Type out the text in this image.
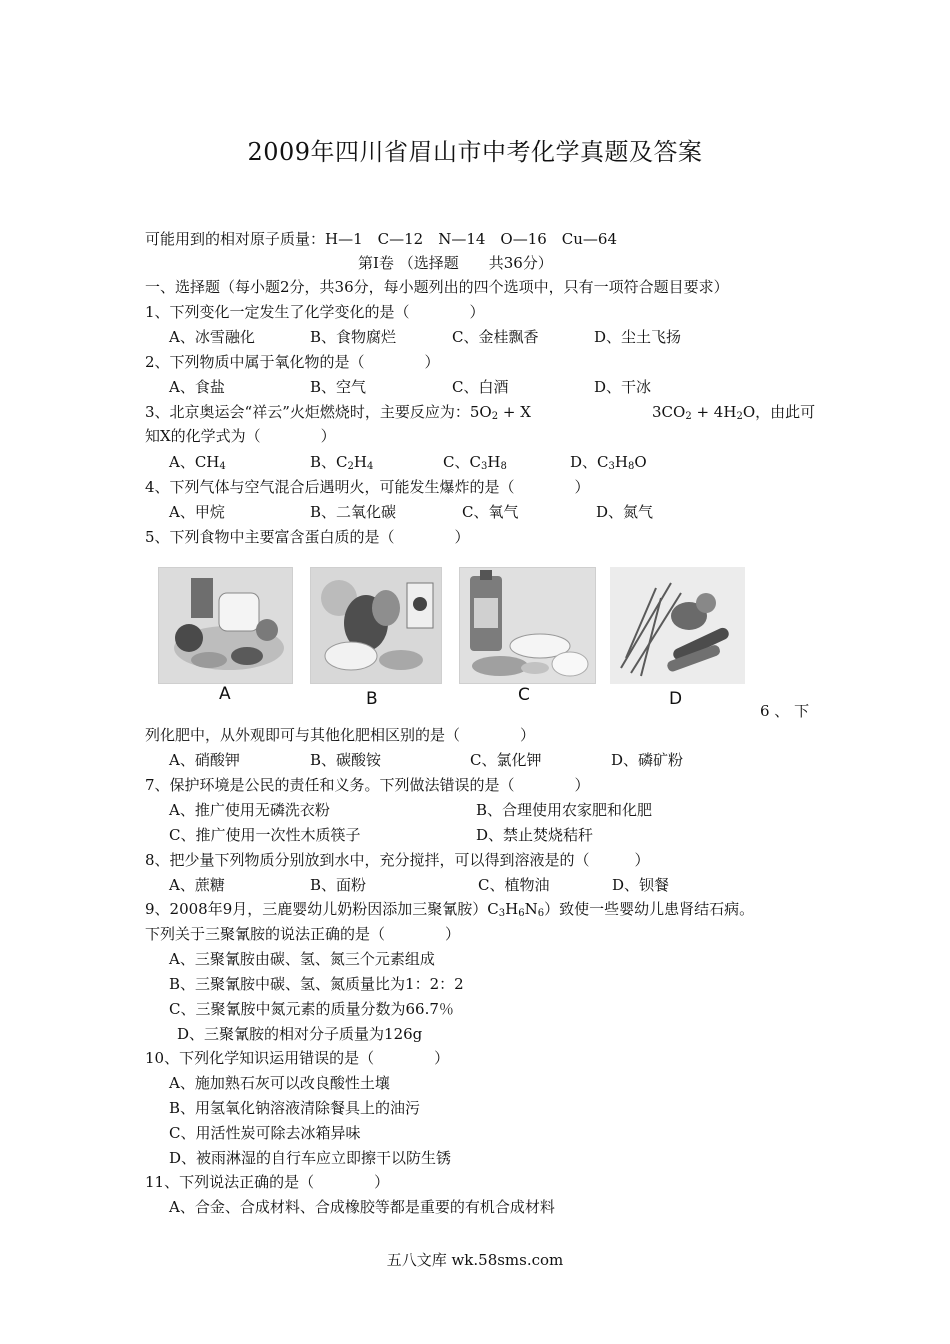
2009年四川省眉山市中考化学真题及答案
可能用到的相对原子质量：H—1　C—12　N—14　O—16　Cu—64
第Ⅰ卷 （选择题　　共36分）
一、选择题（每小题2分，共36分，每小题列出的四个选项中，只有一项符合题目要求）
1、下列变化一定发生了化学变化的是（　　　　）
A、冰雪融化	B、食物腐烂	C、金桂飘香	D、尘土飞扬
2、下列物质中属于氧化物的是（　　　　）
A、食盐	B、空气	C、白酒	D、干冰
3、北京奥运会“祥云”火炬燃烧时，主要反应为：$5O_2 + X$	$3CO_2 + 4H_2O$，由此可
知X的化学式为（　　　　）
A、$CH_4$	B、$C_2H_4$	C、$C_3H_8$	D、$C_3H_8O$
4、下列气体与空气混合后遇明火，可能发生爆炸的是（　　　　）
A、甲烷	B、二氧化碳	C、氧气	D、氮气
5、下列食物中主要富含蛋白质的是（　　　　）
A	B	C	D
6 、 下
列化肥中，从外观即可与其他化肥相区别的是（　　　　）
A、硝酸钾	B、碳酸铵	C、氯化钾	D、磷矿粉
7、保护环境是公民的责任和义务。下列做法错误的是（　　　　）
A、推广使用无磷洗衣粉	B、合理使用农家肥和化肥
C、推广使用一次性木质筷子	D、禁止焚烧秸秆
8、把少量下列物质分别放到水中，充分搅拌，可以得到溶液是的（　　　）
A、蔗糖	B、面粉	C、植物油	D、钡餐
9、2008年9月，三鹿婴幼儿奶粉因添加三聚氰胺）$C_3H_6N_6$）致使一些婴幼儿患肾结石病。
下列关于三聚氰胺的说法正确的是（　　　　）
A、三聚氰胺由碳、氢、氮三个元素组成
B、三聚氰胺中碳、氢、氮质量比为1：2：2
C、三聚氰胺中氮元素的质量分数为66.7％
D、三聚氰胺的相对分子质量为126g
10、下列化学知识运用错误的是（　　　　）
A、施加熟石灰可以改良酸性土壤
B、用氢氧化钠溶液清除餐具上的油污
C、用活性炭可除去冰箱异味
D、被雨淋湿的自行车应立即擦干以防生锈
11、下列说法正确的是（　　　　）
A、合金、合成材料、合成橡胶等都是重要的有机合成材料
五八文库 wk.58sms.com
